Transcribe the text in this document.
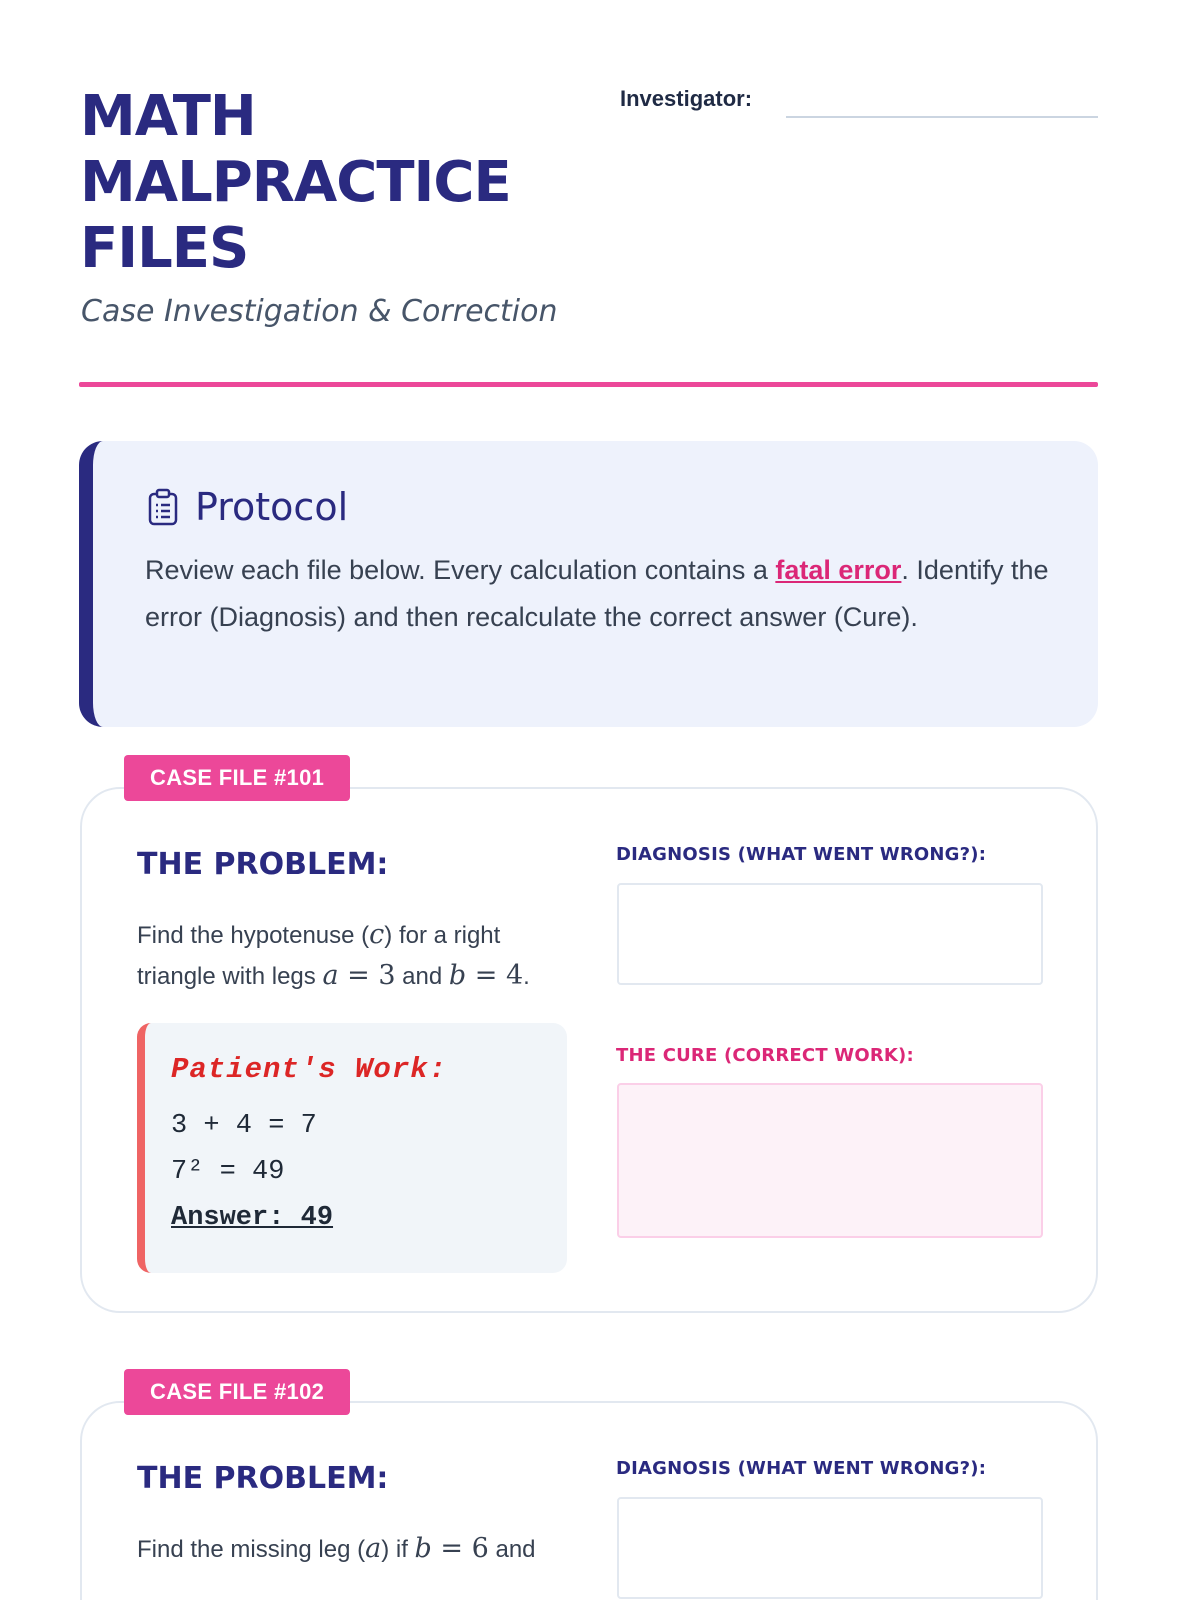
MATH
MALPRACTICE
FILES
Case Investigation & Correction
Investigator:
Protocol
Review each file below. Every calculation contains a fatal error. Identify the error (Diagnosis) and then recalculate the correct answer (Cure).
THE PROBLEM:
Find the hypotenuse (c) for a right triangle with legs a = 3 and b = 4.
Patient's Work:
3 + 4 = 7
7² = 49
Answer: 49
DIAGNOSIS (WHAT WENT WRONG?):
THE CURE (CORRECT WORK):
CASE FILE #101
THE PROBLEM:
Find the missing leg (a) if b = 6 and
DIAGNOSIS (WHAT WENT WRONG?):
CASE FILE #102
